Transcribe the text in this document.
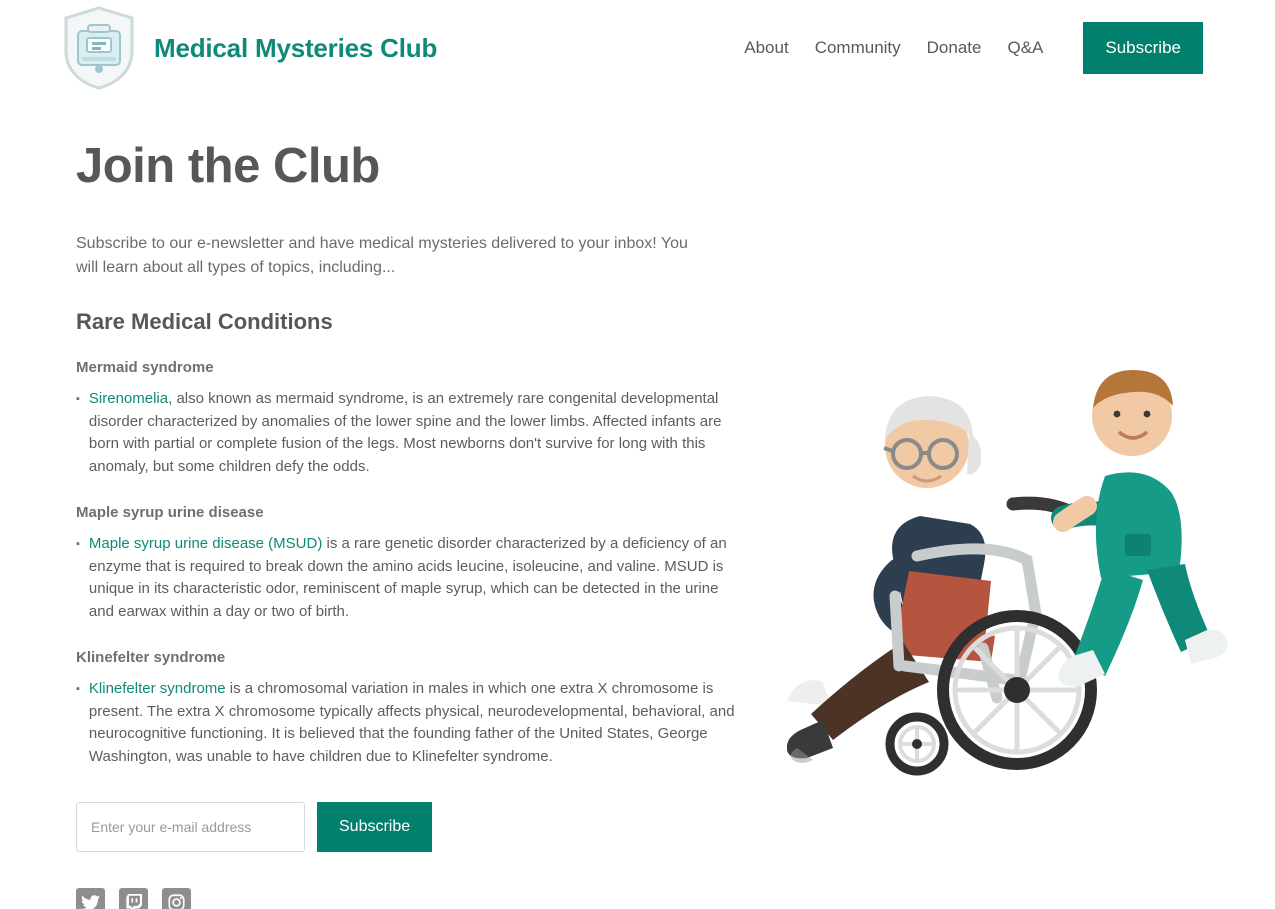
Medical Mysteries Club	About Community Donate Q&A	Subscribe
Join the Club

Subscribe to our e-newsletter and have medical mysteries delivered to your inbox! You will learn about all types of topics, including...

Rare Medical Conditions
Mermaid syndrome
▪ Sirenomelia, also known as mermaid syndrome, is an extremely rare congenital developmental disorder characterized by anomalies of the lower spine and the lower limbs. Affected infants are born with partial or complete fusion of the legs. Most newborns don't survive for long with this anomaly, but some children defy the odds.
Maple syrup urine disease
▪ Maple syrup urine disease (MSUD) is a rare genetic disorder characterized by a deficiency of an enzyme that is required to break down the amino acids leucine, isoleucine, and valine. MSUD is unique in its characteristic odor, reminiscent of maple syrup, which can be detected in the urine and earwax within a day or two of birth.
Klinefelter syndrome
▪ Klinefelter syndrome is a chromosomal variation in males in which one extra X chromosome is present. The extra X chromosome typically affects physical, neurodevelopmental, behavioral, and neurocognitive functioning. It is believed that the founding father of the United States, George Washington, was unable to have children due to Klinefelter syndrome.
Enter your e-mail address
Subscribe
